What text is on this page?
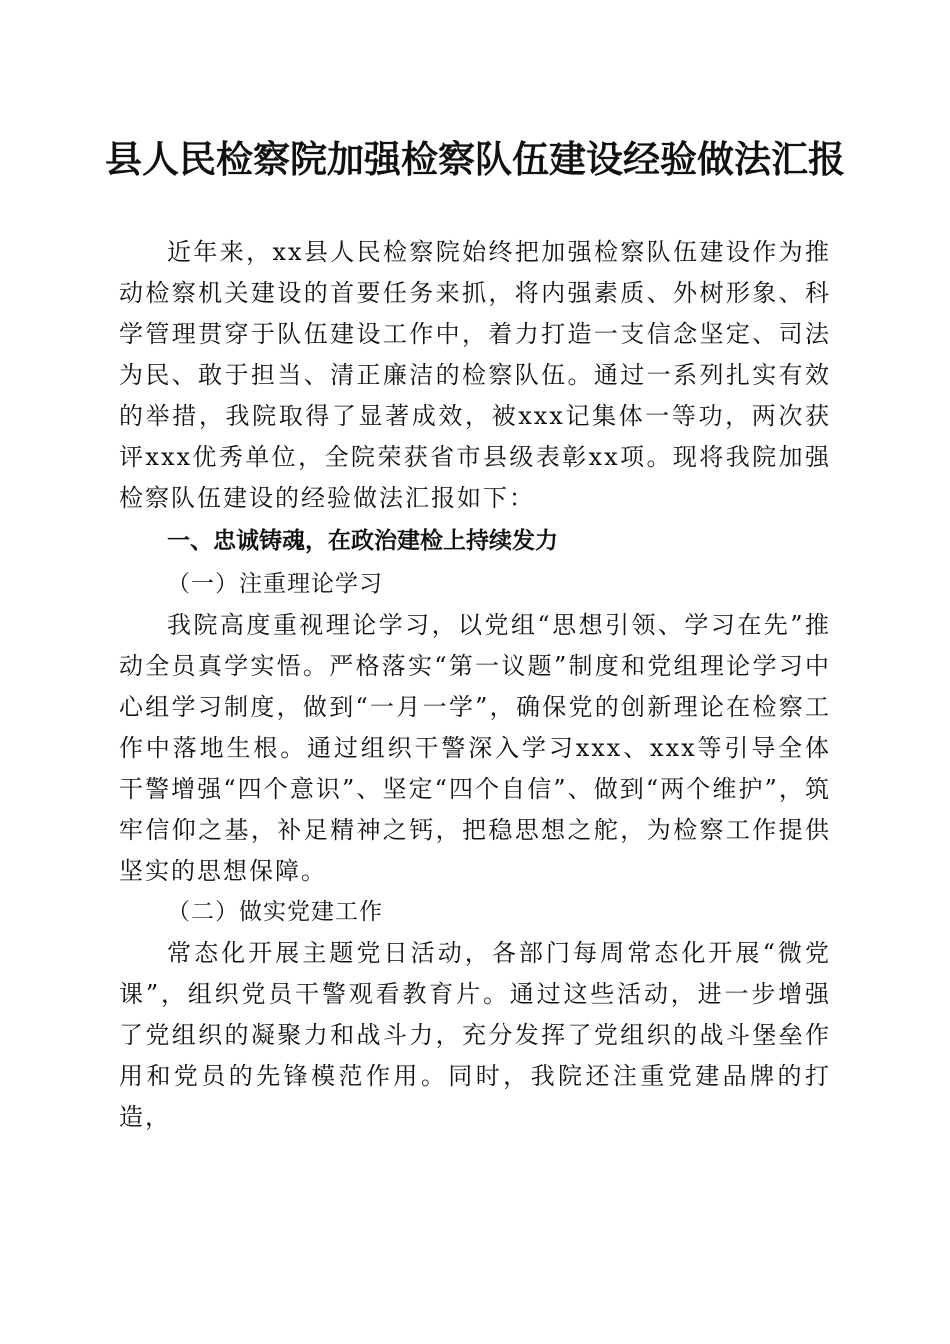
县人民检察院加强检察队伍建设经验做法汇报

近年来，xx县人民检察院始终把加强检察队伍建设作为推动检察机关建设的首要任务来抓，将内强素质、外树形象、科学管理贯穿于队伍建设工作中，着力打造一支信念坚定、司法为民、敢于担当、清正廉洁的检察队伍。通过一系列扎实有效的举措，我院取得了显著成效，被xxx记集体一等功，两次获评xxx优秀单位，全院荣获省市县级表彰xx项。现将我院加强检察队伍建设的经验做法汇报如下：

一、忠诚铸魂，在政治建检上持续发力

（一）注重理论学习

我院高度重视理论学习，以党组“思想引领、学习在先”推动全员真学实悟。严格落实“第一议题”制度和党组理论学习中心组学习制度，做到“一月一学”，确保党的创新理论在检察工作中落地生根。通过组织干警深入学习xxx、xxx等引导全体干警增强“四个意识”、坚定“四个自信”、做到“两个维护”，筑牢信仰之基，补足精神之钙，把稳思想之舵，为检察工作提供坚实的思想保障。

（二）做实党建工作

常态化开展主题党日活动，各部门每周常态化开展“微党课”，组织党员干警观看教育片。通过这些活动，进一步增强了党组织的凝聚力和战斗力，充分发挥了党组织的战斗堡垒作用和党员的先锋模范作用。同时，我院还注重党建品牌的打造，
